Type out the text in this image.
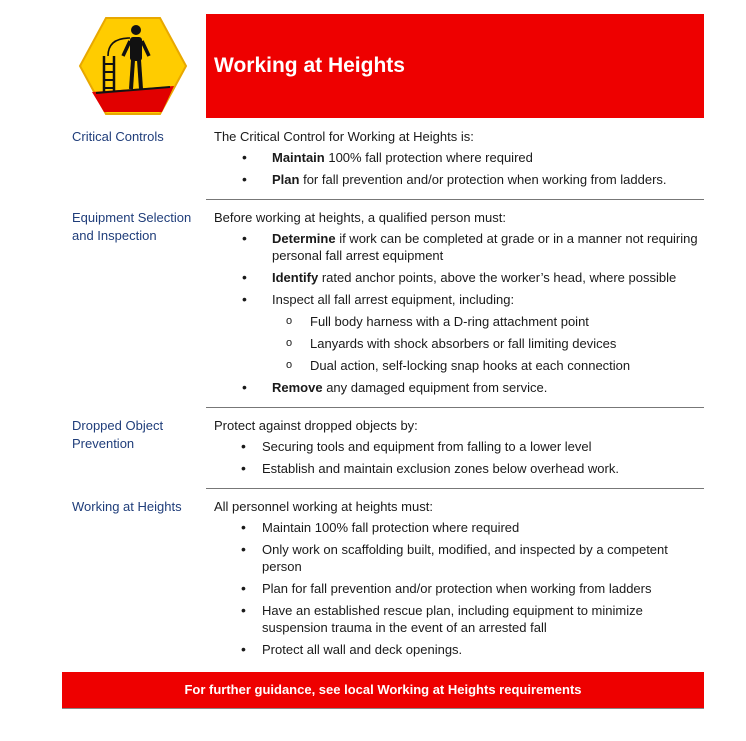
Working at Heights
Critical Controls	The Critical Control for Working at Heights is:

• Maintain 100% fall protection where required
• Plan for fall prevention and/or protection when working from ladders.
Equipment Selection and Inspection

Before working at heights, a qualified person must:

• Determine if work can be completed at grade or in a manner not requiring personal fall arrest equipment
• Identify rated anchor points, above the worker’s head, where possible
• Inspect all fall arrest equipment, including:
o Full body harness with a D-ring attachment point
o Lanyards with shock absorbers or fall limiting devices
o Dual action, self-locking snap hooks at each connection
• Remove any damaged equipment from service.
Dropped Object Prevention

Protect against dropped objects by:

• Securing tools and equipment from falling to a lower level
• Establish and maintain exclusion zones below overhead work.
Working at Heights	All personnel working at heights must:

• Maintain 100% fall protection where required
• Only work on scaffolding built, modified, and inspected by a competent person
• Plan for fall prevention and/or protection when working from ladders
• Have an established rescue plan, including equipment to minimize suspension trauma in the event of an arrested fall
• Protect all wall and deck openings.
For further guidance, see local Working at Heights requirements
